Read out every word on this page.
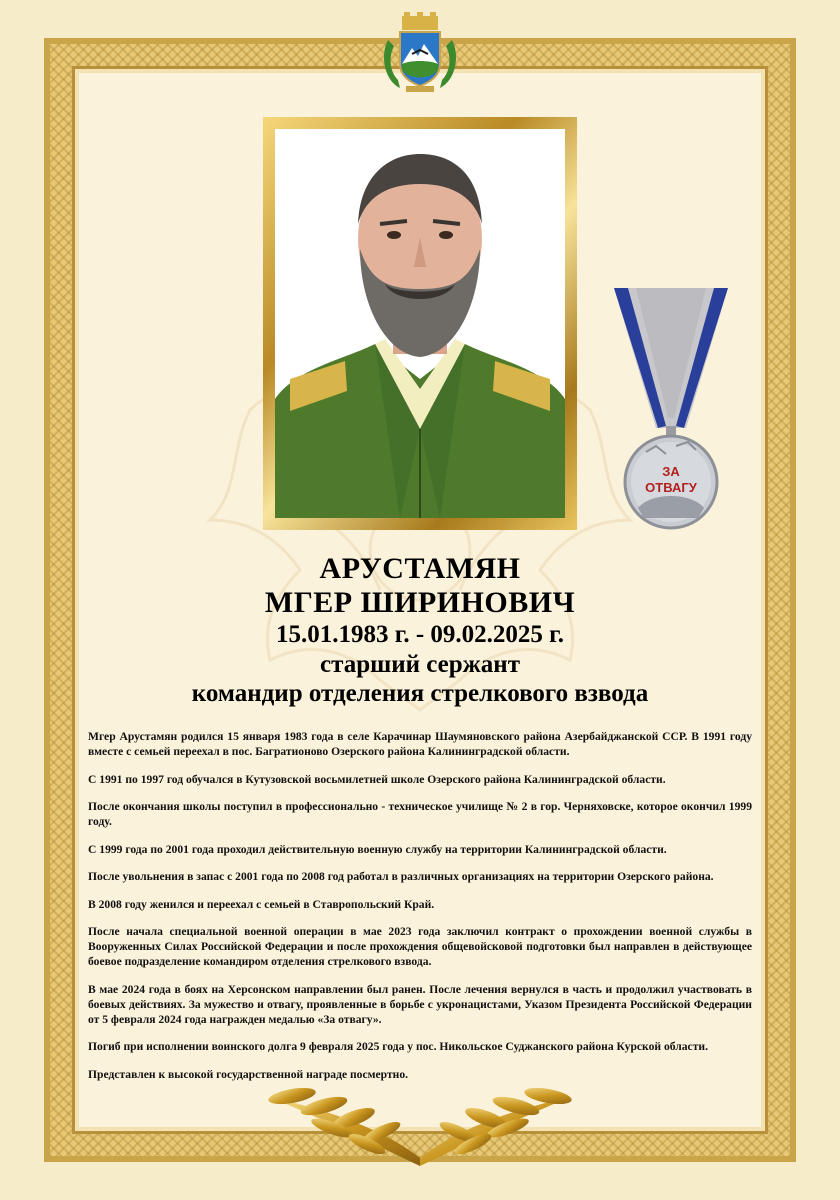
ЗА
ОТВАГУ
АРУСТАМЯН
МГЕР ШИРИНОВИЧ
15.01.1983 г. - 09.02.2025 г.
старший сержант
командир отделения стрелкового взвода

Мгер Арустамян родился 15 января 1983 года в селе Карачинар Шаумяновского района Азербайджанской ССР. В 1991 году вместе с семьей переехал в пос. Багратионово Озерского района Калининградской области.

С 1991 по 1997 год обучался в Кутузовской восьмилетней школе Озерского района Калининградской области.

После окончания школы поступил в профессионально - техническое училище № 2 в гор. Черняховске, которое окончил 1999 году.

С 1999 года по 2001 года проходил действительную военную службу на территории Калининградской области.

После увольнения в запас с 2001 года по 2008 год работал в различных организациях на территории Озерского района.

В 2008 году женился и переехал с семьей в Ставропольский Край.

После начала специальной военной операции в мае 2023 года заключил контракт о прохождении военной службы в Вооруженных Силах Российской Федерации и после прохождения общевойсковой подготовки был направлен в действующее боевое подразделение командиром отделения стрелкового взвода.

В мае 2024 года в боях на Херсонском направлении был ранен. После лечения вернулся в часть и продолжил участвовать в боевых действиях. За мужество и отвагу, проявленные в борьбе с укронацистами, Указом Президента Российской Федерации от 5 февраля 2024 года награжден медалью «За отвагу».

Погиб при исполнении воинского долга 9 февраля 2025 года у пос. Никольское Суджанского района Курской области.

Представлен к высокой государственной награде посмертно.
